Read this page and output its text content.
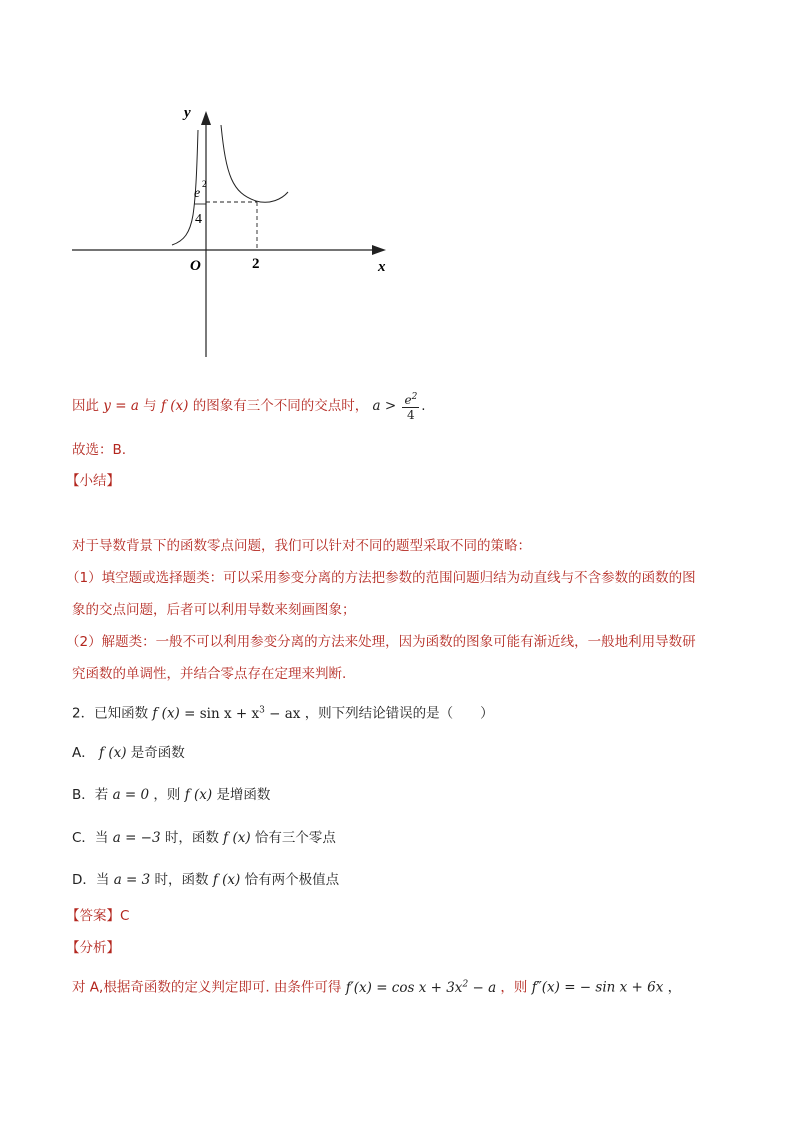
y
x
O	2
e
2
4
因此 y = a 与 f (x) 的图象有三个不同的交点时， $a > \frac{e^2}{4}$ .
故选：B.
【小结】
对于导数背景下的函数零点问题，我们可以针对不同的题型采取不同的策略：
（1）填空题或选择题类：可以采用参变分离的方法把参数的范围问题归结为动直线与不含参数的函数的图
象的交点问题，后者可以利用导数来刻画图象；
（2）解题类：一般不可以利用参变分离的方法来处理，因为函数的图象可能有渐近线，一般地利用导数研
究函数的单调性，并结合零点存在定理来判断.
2．已知函数 f $(x) = \sin x + x^3$ − ax ，则下列结论错误的是（　　）
A． f (x) 是奇函数
B．若 a = 0 ，则 f (x) 是增函数
C．当 a = −3 时，函数 f (x) 恰有三个零点
D．当 a = 3 时，函数 f (x) 恰有两个极值点
【答案】C
【分析】
对 A,根据奇函数的定义判定即可. 由条件可得 $f'(x) = \cos x + 3x^2 - a$ ，则 f″(x) = − sin x + 6x ，
